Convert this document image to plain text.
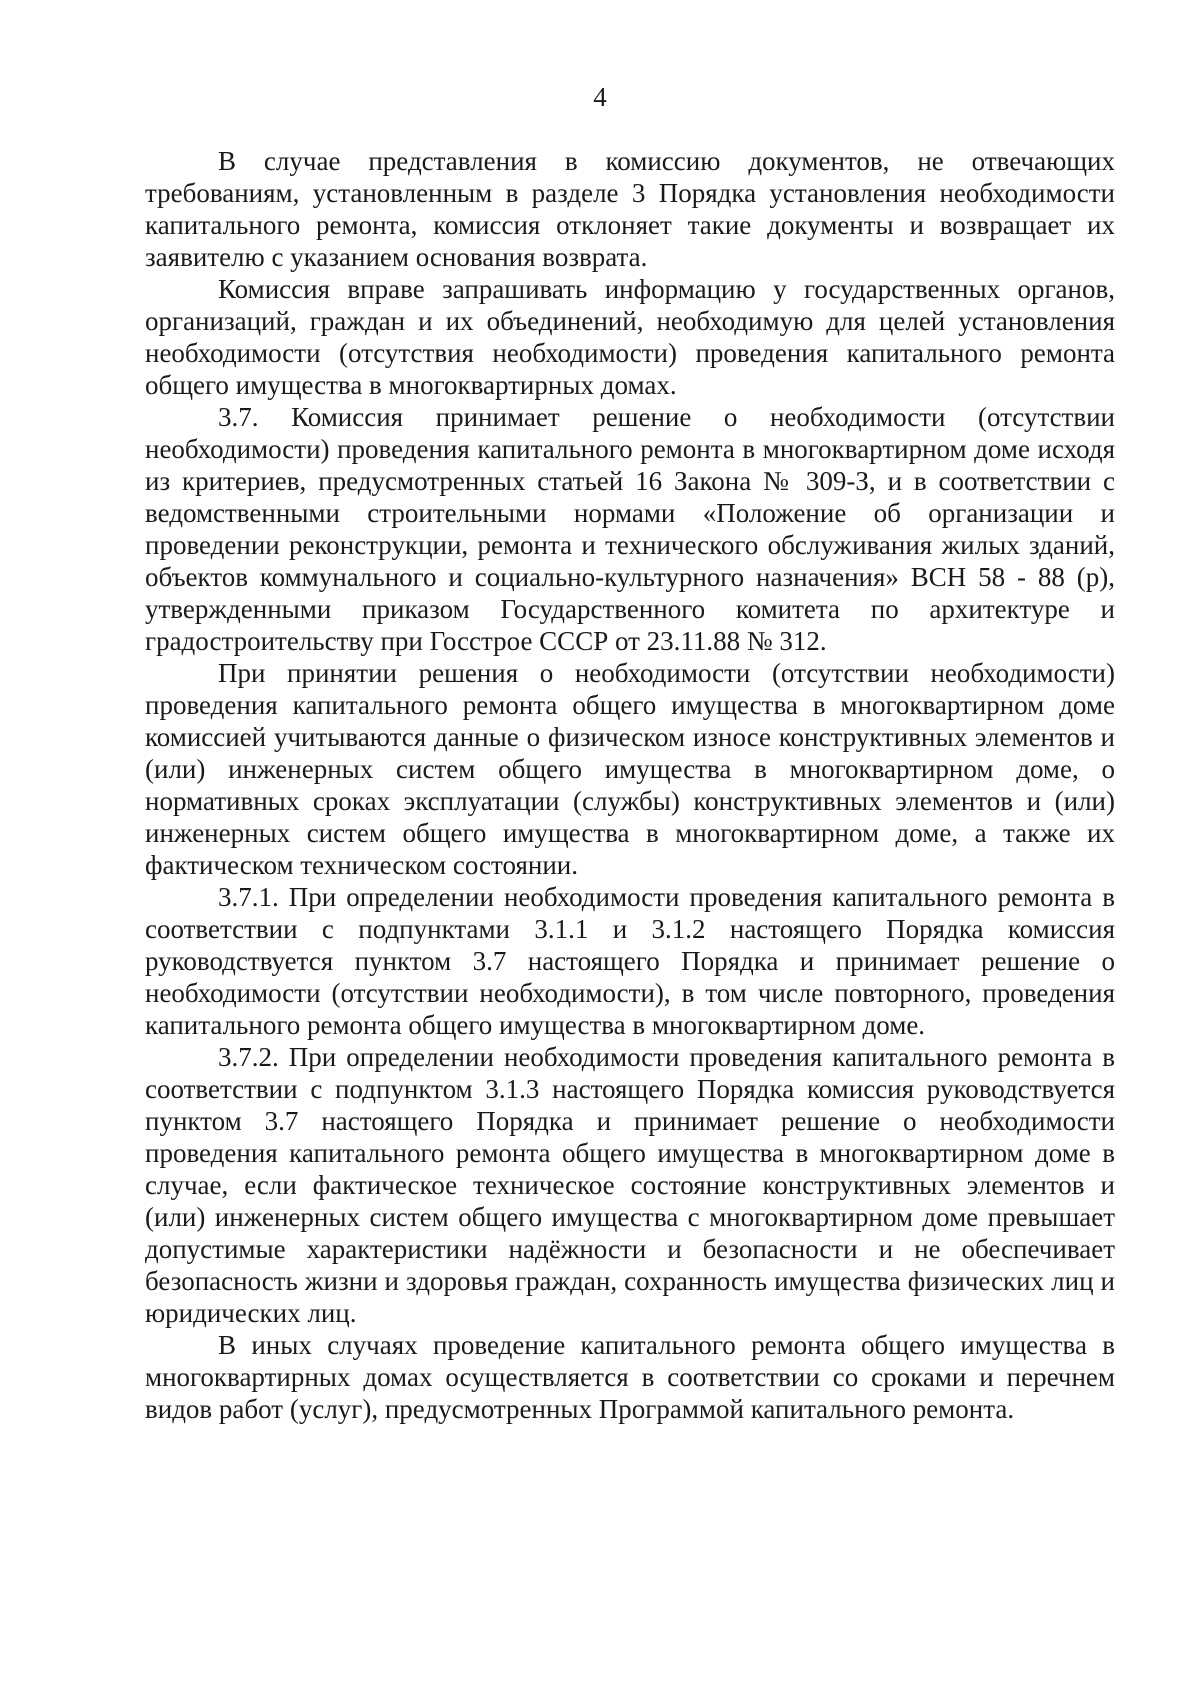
4

В случае представления в комиссию документов, не отвечающих требованиям, установленным в разделе 3 Порядка установления необходимости капитального ремонта, комиссия отклоняет такие документы и возвращает их заявителю с указанием основания возврата.

Комиссия вправе запрашивать информацию у государственных органов, организаций, граждан и их объединений, необходимую для целей установления необходимости (отсутствия необходимости) проведения капитального ремонта общего имущества в многоквартирных домах.

3.7. Комиссия принимает решение о необходимости (отсутствии необходимости) проведения капитального ремонта в многоквартирном доме исходя из критериев, предусмотренных статьей 16 Закона № 309-З, и в соответствии с ведомственными строительными нормами «Положение об организации и проведении реконструкции, ремонта и технического обслуживания жилых зданий, объектов коммунального и социально-культурного назначения» ВСН 58 - 88 (р), утвержденными приказом Государственного комитета по архитектуре и градостроительству при Госстрое СССР от 23.11.88 № 312.

При принятии решения о необходимости (отсутствии необходимости) проведения капитального ремонта общего имущества в многоквартирном доме комиссией учитываются данные о физическом износе конструктивных элементов и (или) инженерных систем общего имущества в многоквартирном доме, о нормативных сроках эксплуатации (службы) конструктивных элементов и (или) инженерных систем общего имущества в многоквартирном доме, а также их фактическом техническом состоянии.

3.7.1. При определении необходимости проведения капитального ремонта в соответствии с подпунктами 3.1.1 и 3.1.2 настоящего Порядка комиссия руководствуется пунктом 3.7 настоящего Порядка и принимает решение о необходимости (отсутствии необходимости), в том числе повторного, проведения капитального ремонта общего имущества в многоквартирном доме.

3.7.2. При определении необходимости проведения капитального ремонта в соответствии с подпунктом 3.1.3 настоящего Порядка комиссия руководствуется пунктом 3.7 настоящего Порядка и принимает решение о необходимости проведения капитального ремонта общего имущества в многоквартирном доме в случае, если фактическое техническое состояние конструктивных элементов и (или) инженерных систем общего имущества с многоквартирном доме превышает допустимые характеристики надёжности и безопасности и не обеспечивает безопасность жизни и здоровья граждан, сохранность имущества физических лиц и юридических лиц.

В иных случаях проведение капитального ремонта общего имущества в многоквартирных домах осуществляется в соответствии со сроками и перечнем видов работ (услуг), предусмотренных Программой капитального ремонта.
